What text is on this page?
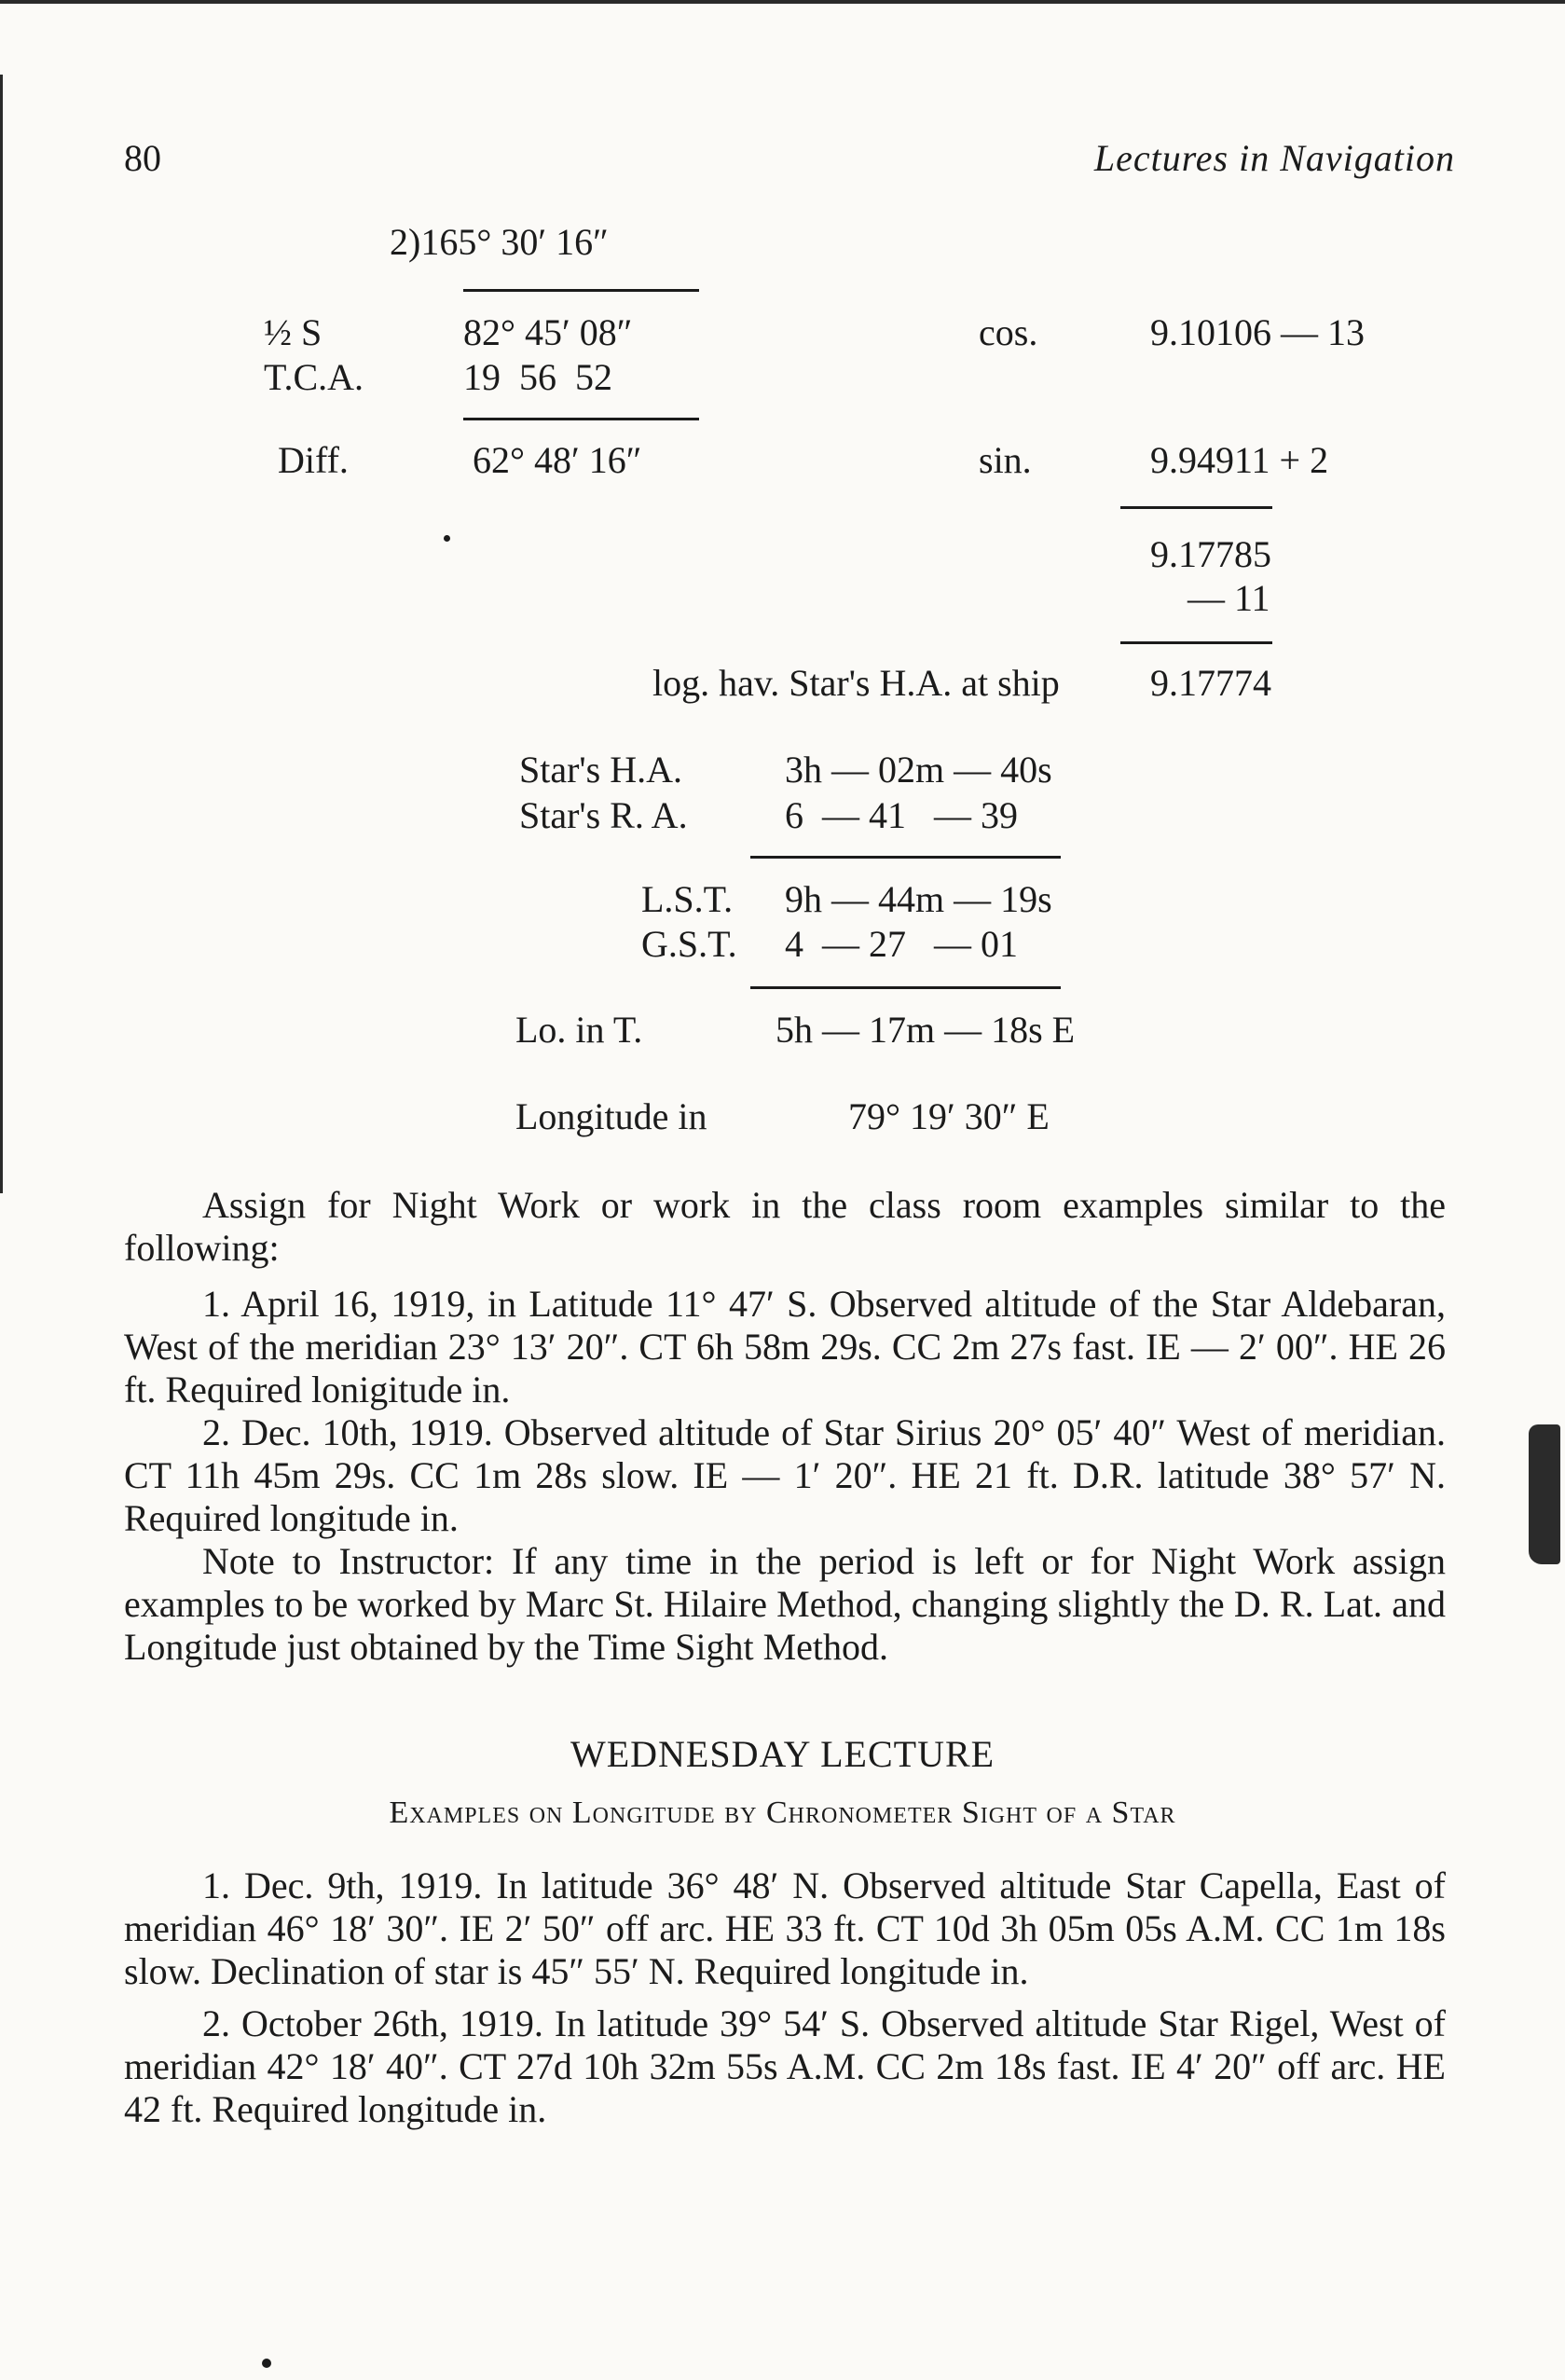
80	Lectures in Navigation
2)165° 30′ 16″
½ S	82° 45′ 08″	cos.	9.10106 — 13
T.C.A.	19  56  52
Diff.	62° 48′ 16″	sin.	9.94911 + 2
9.17785
— 11
log. hav. Star's H.A. at ship 9.17774
Star's H.A.	3h — 02m — 40s
Star's R. A.	6  — 41   — 39
L.S.T. 9h — 44m — 19s
G.S.T. 4  — 27   — 01
Lo. in T.	5h — 17m — 18s E
Longitude in	79° 19′ 30″ E

Assign for Night Work or work in the class room examples similar to the following:

1. April 16, 1919, in Latitude 11° 47′ S. Observed altitude of the Star Aldebaran, West of the meridian 23° 13′ 20″. CT 6h 58m 29s. CC 2m 27s fast. IE — 2′ 00″. HE 26 ft. Required lonigitude in.

2. Dec. 10th, 1919. Observed altitude of Star Sirius 20° 05′ 40″ West of meridian. CT 11h 45m 29s. CC 1m 28s slow. IE — 1′ 20″. HE 21 ft. D.R. latitude 38° 57′ N. Required longitude in.

Note to Instructor: If any time in the period is left or for Night Work assign examples to be worked by Marc St. Hilaire Method, changing slightly the D. R. Lat. and Longitude just obtained by the Time Sight Method.

WEDNESDAY LECTURE
Examples on Longitude by Chronometer Sight of a Star

1. Dec. 9th, 1919. In latitude 36° 48′ N. Observed altitude Star Capella, East of meridian 46° 18′ 30″. IE 2′ 50″ off arc. HE 33 ft. CT 10d 3h 05m 05s A.M. CC 1m 18s slow. Declination of star is 45″ 55′ N. Required longitude in.

2. October 26th, 1919. In latitude 39° 54′ S. Observed altitude Star Rigel, West of meridian 42° 18′ 40″. CT 27d 10h 32m 55s A.M. CC 2m 18s fast. IE 4′ 20″ off arc. HE 42 ft. Required longitude in.
